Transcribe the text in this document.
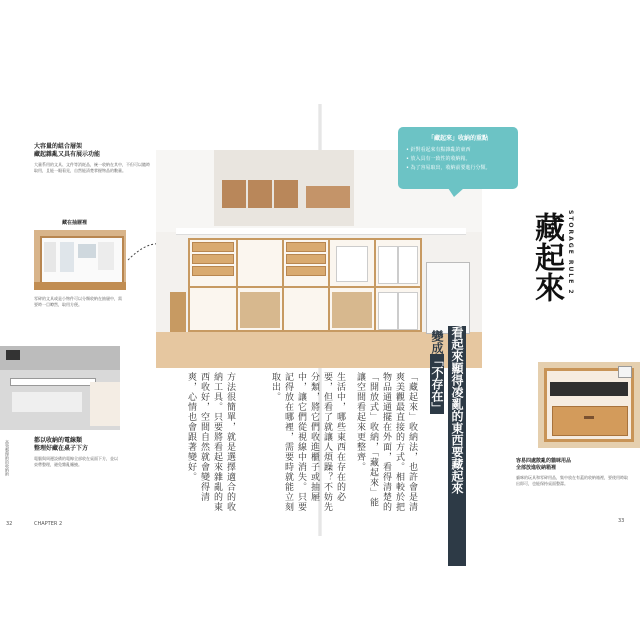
大容量的組合層架
藏起雜亂又具有展示功能
大量系用的文具、文件等消耗品，統一收納在其中，不但可以隨時取用，且能一眼看見，自然能清楚掌握物品的數量。
藏在抽屜裡
零碎的文具或是小物件可以分類收納在抽屜中，需要時一目瞭然，取用方便。
都以收納的電線類
整理好藏在桌子下方
電腦與周邊設備的電線全部收在桌面下方，並以束帶整理，避免雜亂纏繞。
高效整理術的收納術
32	CHAPTER 2
「藏起來」收納的重點
• 針對看起來有點雜亂的東西
• 放入具有一致性的收納箱。
• 為了容易取出，收納前要進行分類。
STORAGE RULE 2
藏起來
看起來顯得凌亂的東西要藏起來
變成「不存在」
「藏起來」收納法，也許會是清爽美觀最直接的方式。相較於把物品通通擺在外面，看得清楚的「開放式」收納，「藏起來」能讓空間看起來更整齊。
生活中，哪些東西在存在的必要，但看了就讓人煩躁？不妨先分類，將它們收進櫃子或抽屜中，讓它們從視線中消失。只要記得放在哪裡，需要時就能立刻取出。
方法很簡單，就是選擇適合的收納工具。只要將看起來雜亂的東西收好，空間自然就會變得清爽，心情也會跟著變好。	容易四處散亂的貓咪用品
全部放進收納箱裡
貓咪的玩具和零碎用品，集中放在有蓋的收納箱裡，要使用時取出即可，也能保持桌面整潔。
33
